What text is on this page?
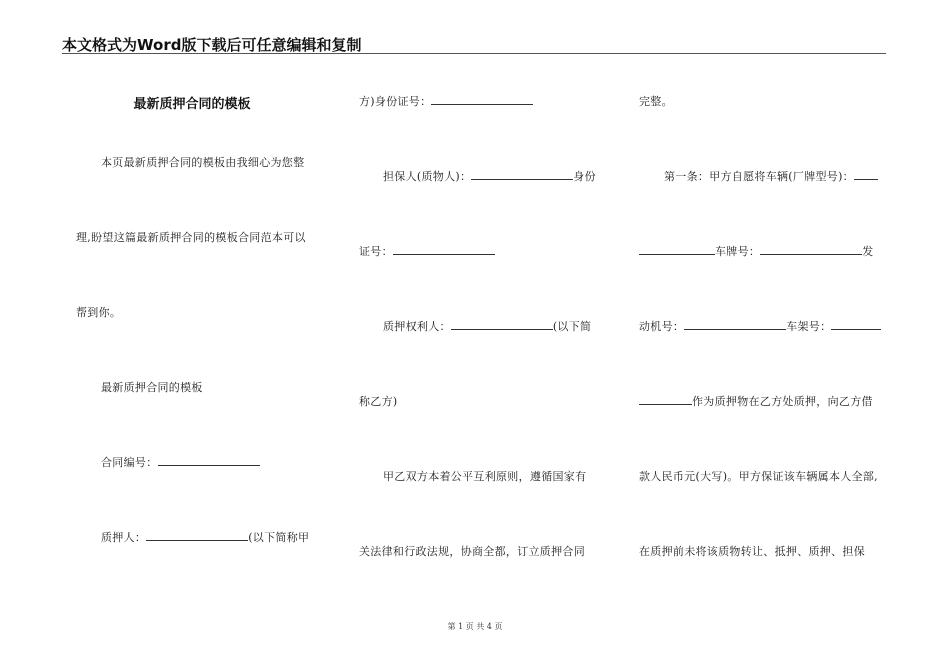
本文格式为Word版下载后可任意编辑和复制
最新质押合同的模板
本页最新质押合同的模板由我细心为您整
理,盼望这篇最新质押合同的模板合同范本可以
帮到你。
最新质押合同的模板
合同编号：
质押人：	(以下简称甲
方)身份证号：
担保人(质物人)：	身份
证号：
质押权利人：	(以下简
称乙方)
甲乙双方本着公平互利原则，遵循国家有
关法律和行政法规，协商全都，订立质押合同
完整。
第一条：甲方自愿将车辆(厂牌型号)：
车牌号：	发
动机号：	车架号：
作为质押物在乙方处质押，向乙方借
款人民币元(大写)。甲方保证该车辆属本人全部,
在质押前未将该质物转让、抵押、质押、担保
第 1 页 共 4 页
